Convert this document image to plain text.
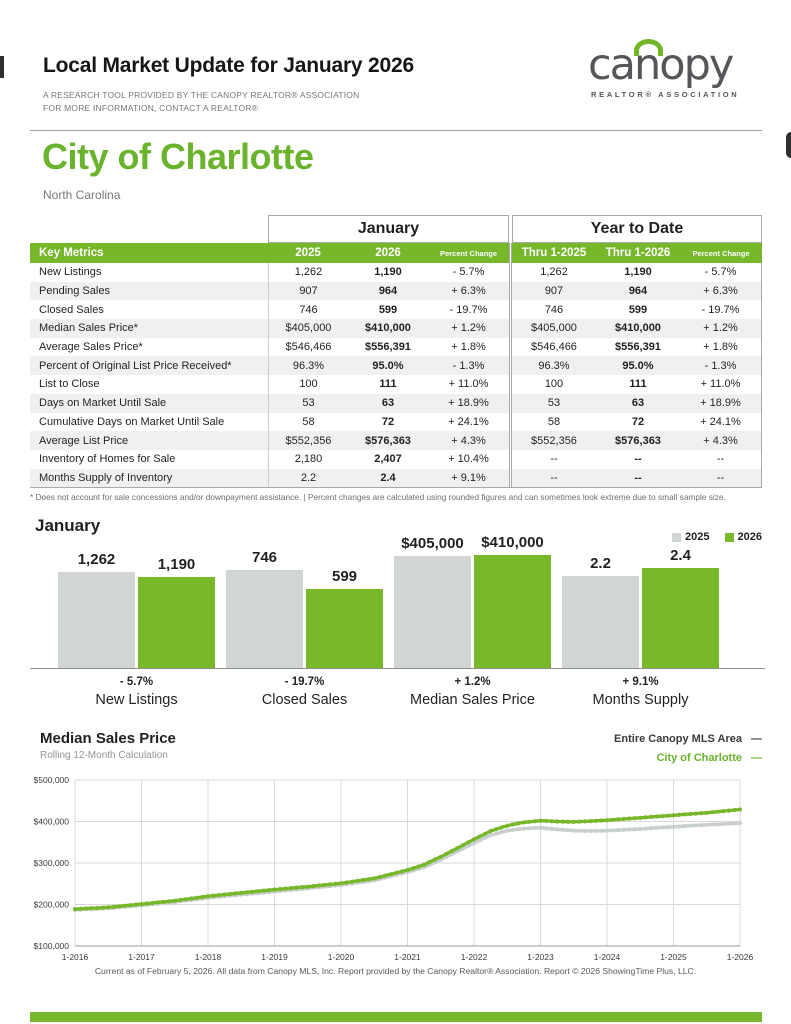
Local Market Update for January 2026
A RESEARCH TOOL PROVIDED BY THE CANOPY REALTOR® ASSOCIATION
FOR MORE INFORMATION, CONTACT A REALTOR®
canopy
REALTOR® ASSOCIATION
City of Charlotte
North Carolina
January	Year to Date
Key Metrics	2025	2026	Percent Change	Thru 1-2025	Thru 1-2026	Percent Change
New Listings	1,262	1,190	- 5.7%	1,262	1,190	- 5.7%
Pending Sales	907	964	+ 6.3%	907	964	+ 6.3%
Closed Sales	746	599	- 19.7%	746	599	- 19.7%
Median Sales Price*	$405,000	$410,000	+ 1.2%	$405,000	$410,000	+ 1.2%
Average Sales Price*	$546,466	$556,391	+ 1.8%	$546,466	$556,391	+ 1.8%
Percent of Original List Price Received*	96.3%	95.0%	- 1.3%	96.3%	95.0%	- 1.3%
List to Close	100	111	+ 11.0%	100	111	+ 11.0%
Days on Market Until Sale	53	63	+ 18.9%	53	63	+ 18.9%
Cumulative Days on Market Until Sale	58	72	+ 24.1%	58	72	+ 24.1%
Average List Price	$552,356	$576,363	+ 4.3%	$552,356	$576,363	+ 4.3%
Inventory of Homes for Sale	2,180	2,407	+ 10.4%	--	--	--
Months Supply of Inventory	2.2	2.4	+ 9.1%	--	--	--
* Does not account for sale concessions and/or downpayment assistance. | Percent changes are calculated using rounded figures and can sometimes look extreme due to small sample size.
January
2025	2026
1,262	1,190
- 5.7%
New Listings
746
599
- 19.7%
Closed Sales
$405,000	$410,000
+ 1.2%
Median Sales Price
2.2	2.4
+ 9.1%
Months Supply
Median Sales Price
Rolling 12-Month Calculation
Entire Canopy MLS Area —
City of Charlotte —
$500,000
$400,000
$300,000
$200,000
$100,000
1-2016	1-2017	1-2018	1-2019	1-2020	1-2021	1-2022	1-2023	1-2024	1-2025	1-2026
Current as of February 5, 2026. All data from Canopy MLS, Inc. Report provided by the Canopy Realtor® Association. Report © 2026 ShowingTime Plus, LLC.
